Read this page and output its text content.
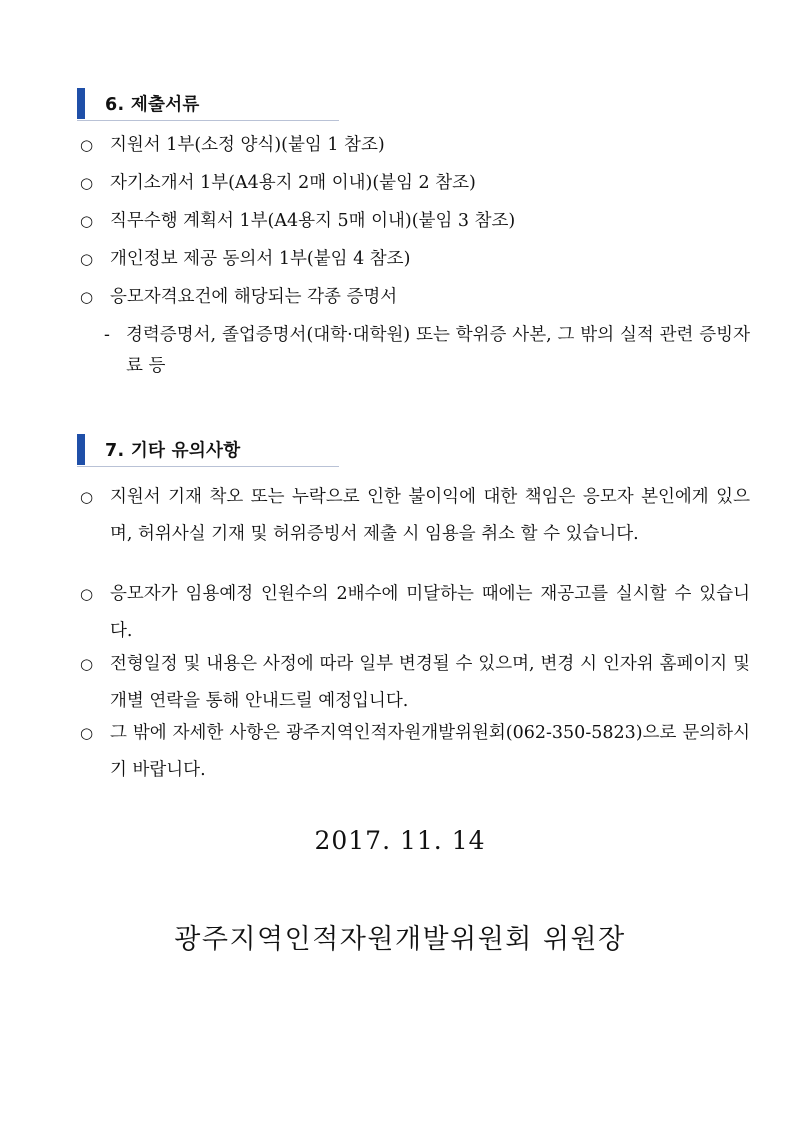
6. 제출서류
○ 지원서 1부(소정 양식)(붙임 1 참조)
○ 자기소개서 1부(A4용지 2매 이내)(붙임 2 참조)
○ 직무수행 계획서 1부(A4용지 5매 이내)(붙임 3 참조)
○ 개인정보 제공 동의서 1부(붙임 4 참조)
○ 응모자격요건에 해당되는 각종 증명서
- 경력증명서, 졸업증명서(대학·대학원) 또는 학위증 사본, 그 밖의 실적 관련 증빙자료 등
7. 기타 유의사항
○ 지원서 기재 착오 또는 누락으로 인한 불이익에 대한 책임은 응모자 본인에게 있으며, 허위사실 기재 및 허위증빙서 제출 시 임용을 취소 할 수 있습니다.
○ 응모자가 임용예정 인원수의 2배수에 미달하는 때에는 재공고를 실시할 수 있습니다.
○ 전형일정 및 내용은 사정에 따라 일부 변경될 수 있으며, 변경 시 인자위 홈페이지 및 개별 연락을 통해 안내드릴 예정입니다.
○ 그 밖에 자세한 사항은 광주지역인적자원개발위원회(062-350-5823)으로 문의하시기 바랍니다.
2017. 11. 14
광주지역인적자원개발위원회 위원장
